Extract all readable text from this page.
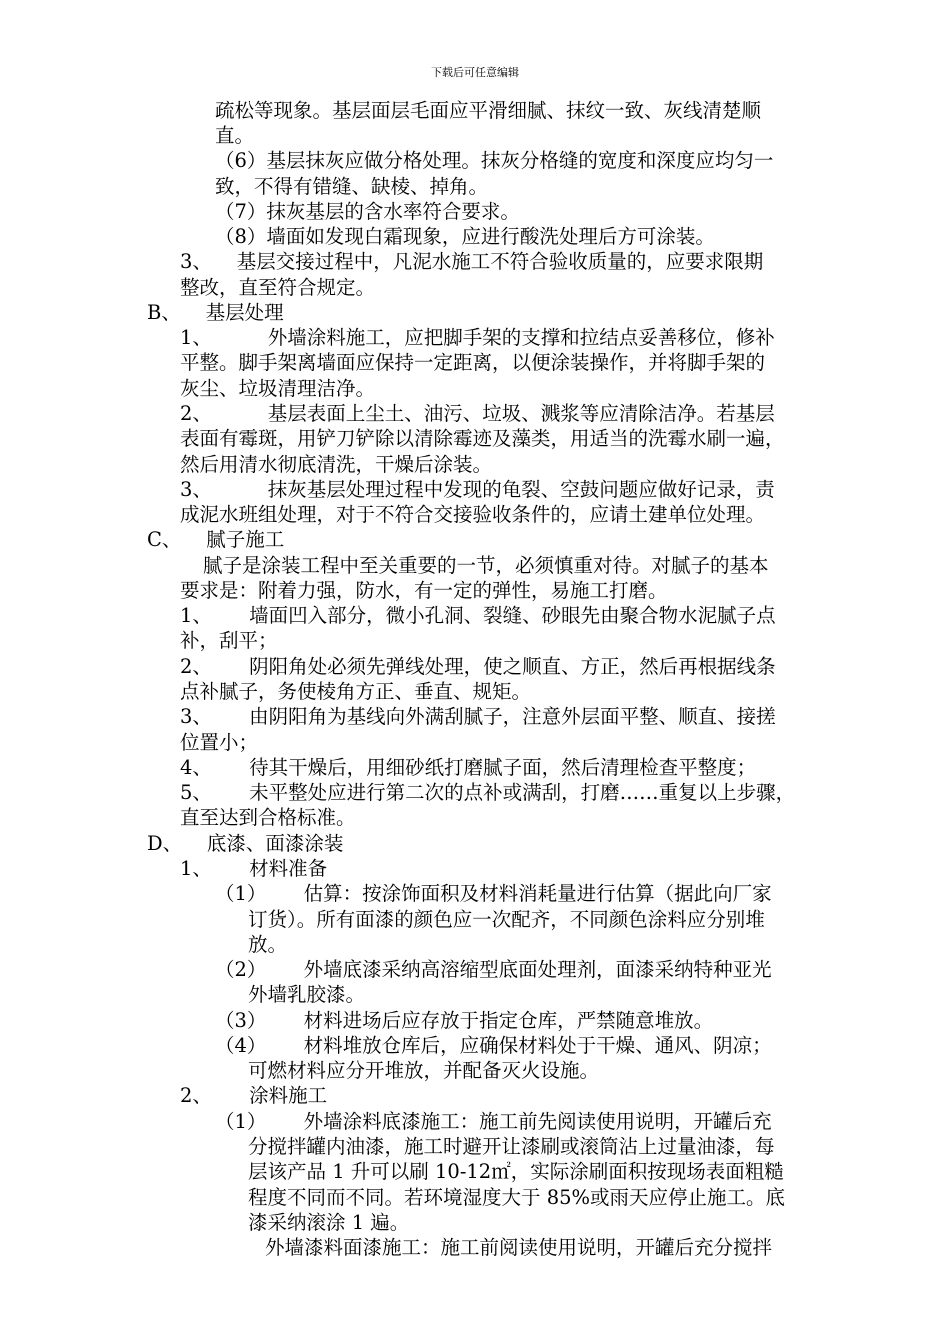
下载后可任意编辑
疏松等现象。基层面层毛面应平滑细腻、抹纹一致、灰线清楚顺
直。
（6）基层抹灰应做分格处理。抹灰分格缝的宽度和深度应均匀一
致，不得有错缝、缺棱、掉角。
（7）抹灰基层的含水率符合要求。
（8）墙面如发现白霜现象，应进行酸洗处理后方可涂装。
3、    基层交接过程中，凡泥水施工不符合验收质量的，应要求限期
整改，直至符合规定。
B、    基层处理
1、         外墙涂料施工，应把脚手架的支撑和拉结点妥善移位，修补
平整。脚手架离墙面应保持一定距离，以便涂装操作，并将脚手架的
灰尘、垃圾清理洁净。
2、         基层表面上尘土、油污、垃圾、溅浆等应清除洁净。若基层
表面有霉斑，用铲刀铲除以清除霉迹及藻类，用适当的洗霉水刷一遍，
然后用清水彻底清洗，干燥后涂装。
3、         抹灰基层处理过程中发现的龟裂、空鼓问题应做好记录，责
成泥水班组处理，对于不符合交接验收条件的，应请土建单位处理。
C、    腻子施工
腻子是涂装工程中至关重要的一节，必须慎重对待。对腻子的基本
要求是：附着力强，防水，有一定的弹性，易施工打磨。
1、      墙面凹入部分，微小孔洞、裂缝、砂眼先由聚合物水泥腻子点
补，刮平；
2、      阴阳角处必须先弹线处理，使之顺直、方正，然后再根据线条
点补腻子，务使棱角方正、垂直、规矩。
3、      由阴阳角为基线向外满刮腻子，注意外层面平整、顺直、接搓
位置小；
4、      待其干燥后，用细砂纸打磨腻子面，然后清理检查平整度；
5、      未平整处应进行第二次的点补或满刮，打磨……重复以上步骤，
直至达到合格标准。
D、    底漆、面漆涂装
1、      材料准备
（1）      估算：按涂饰面积及材料消耗量进行估算（据此向厂家
订货）。所有面漆的颜色应一次配齐，不同颜色涂料应分别堆
放。
（2）      外墙底漆采纳高溶缩型底面处理剂，面漆采纳特种亚光
外墙乳胶漆。
（3）      材料进场后应存放于指定仓库，严禁随意堆放。
（4）      材料堆放仓库后，应确保材料处于干燥、通风、阴凉；
可燃材料应分开堆放，并配备灭火设施。
2、      涂料施工
（1）      外墙涂料底漆施工：施工前先阅读使用说明，开罐后充
分搅拌罐内油漆，施工时避开让漆刷或滚筒沾上过量油漆，每
层该产品 1 升可以刷 10-12㎡，实际涂刷面积按现场表面粗糙
程度不同而不同。若环境湿度大于 85%或雨天应停止施工。底
漆采纳滚涂 1 遍。
外墙漆料面漆施工：施工前阅读使用说明，开罐后充分搅拌
